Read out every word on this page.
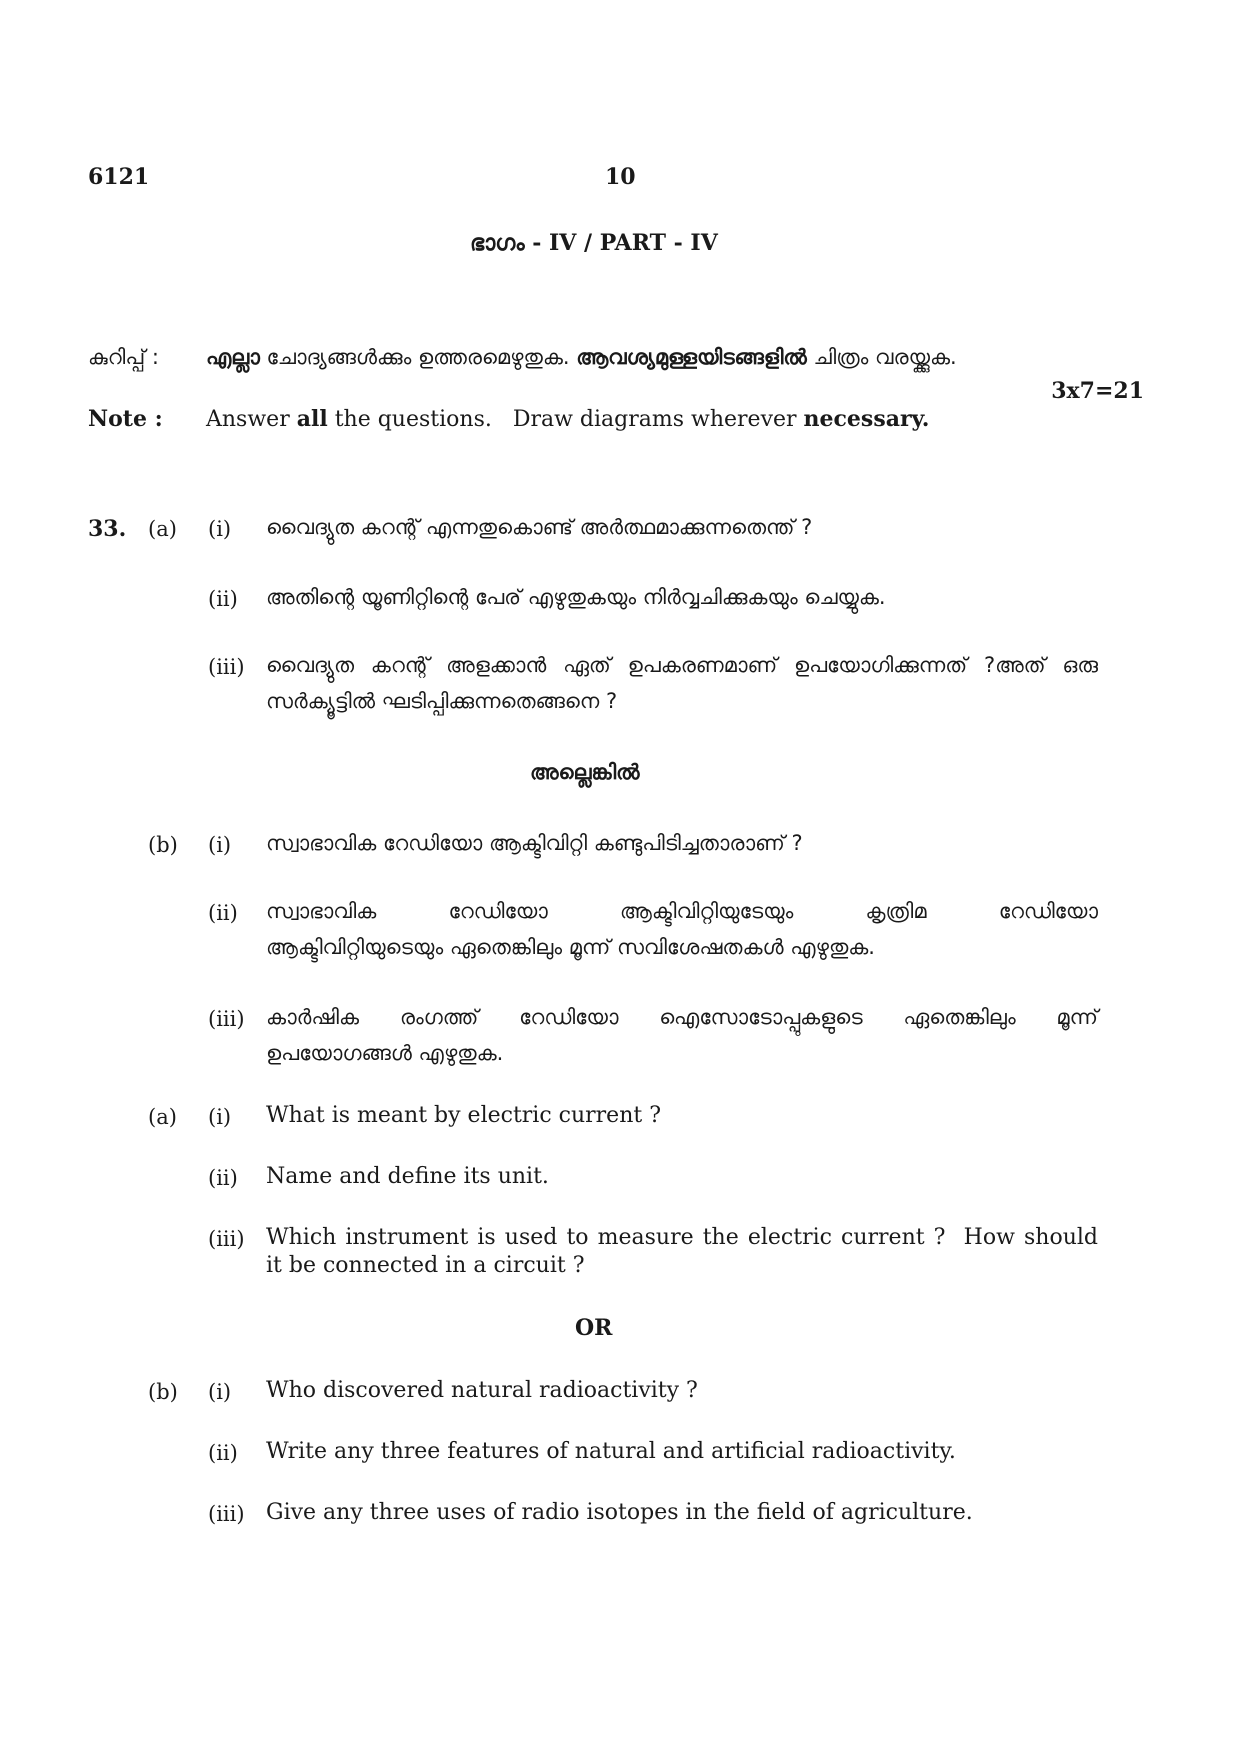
6121	10
ഭാഗം - IV / PART - IV
കുറിപ്പ് : എല്ലാ ചോദ്യങ്ങൾക്കും ഉത്തരമെഴുതുക. ആവശ്യമുള്ളയിടങ്ങളിൽ ചിത്രം വരയ്ക്കുക.
3x7=21
Note : Answer all the questions.   Draw diagrams wherever necessary.
33. (a) (i) വൈദ്യുത കറന്റ് എന്നതുകൊണ്ട് അർത്ഥമാക്കുന്നതെന്ത് ?
(ii) അതിന്റെ യൂണിറ്റിന്റെ പേര് എഴുതുകയും നിർവ്വചിക്കുകയും ചെയ്യുക.
(iii) വൈദ്യുത കറന്റ് അളക്കാൻ ഏത് ഉപകരണമാണ് ഉപയോഗിക്കുന്നത് ?അത് ഒരു
സർക്യൂട്ടിൽ ഘടിപ്പിക്കുന്നതെങ്ങനെ ?
അല്ലെങ്കിൽ
(b) (i) സ്വാഭാവിക റേഡിയോ ആക്ടിവിറ്റി കണ്ടുപിടിച്ചതാരാണ് ?
(ii) സ്വാഭാവിക റേഡിയോ ആക്ടിവിറ്റിയുടേയും കൃത്രിമ റേഡിയോ
ആക്ടിവിറ്റിയുടെയും ഏതെങ്കിലും മൂന്ന് സവിശേഷതകൾ എഴുതുക.
(iii) കാർഷിക രംഗത്ത് റേഡിയോ ഐസോടോപ്പുകളുടെ ഏതെങ്കിലും മൂന്ന്
ഉപയോഗങ്ങൾ എഴുതുക.
(a) (i) What is meant by electric current ?
(ii) Name and define its unit.
(iii) Which instrument is used to measure the electric current ?  How should
it be connected in a circuit ?
OR
(b) (i) Who discovered natural radioactivity ?
(ii) Write any three features of natural and artificial radioactivity.
(iii) Give any three uses of radio isotopes in the field of agriculture.
